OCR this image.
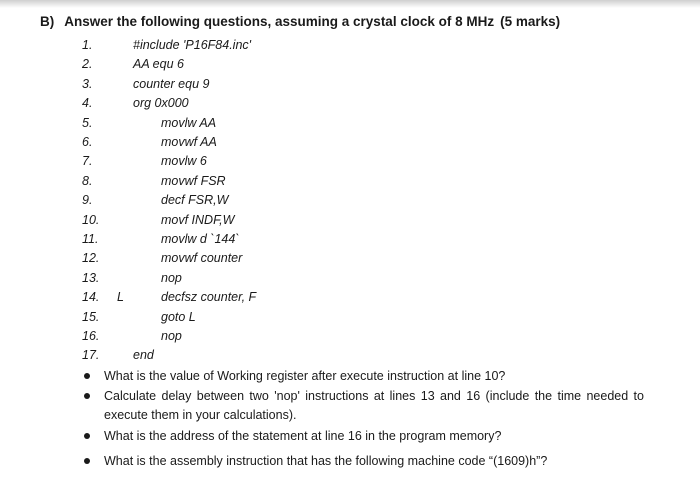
B) Answer the following questions, assuming a crystal clock of 8 MHz (5 marks)
1.	#include 'P16F84.inc'
2.	AA equ 6
3.	counter equ 9
4.	org 0x000
5.	movlw AA
6.	movwf AA
7.	movlw 6
8.	movwf FSR
9.	decf FSR,W
10.	movf INDF,W
11.	movlw d `144`
12.	movwf counter
13.	nop
14.	L	decfsz counter, F
15.	goto L
16.	nop
17.	end
What is the value of Working register after execute instruction at line 10?
Calculate delay between two 'nop' instructions at lines 13 and 16 (include the time needed to execute them in your calculations).
What is the address of the statement at line 16 in the program memory?
What is the assembly instruction that has the following machine code “(1609)h”?
